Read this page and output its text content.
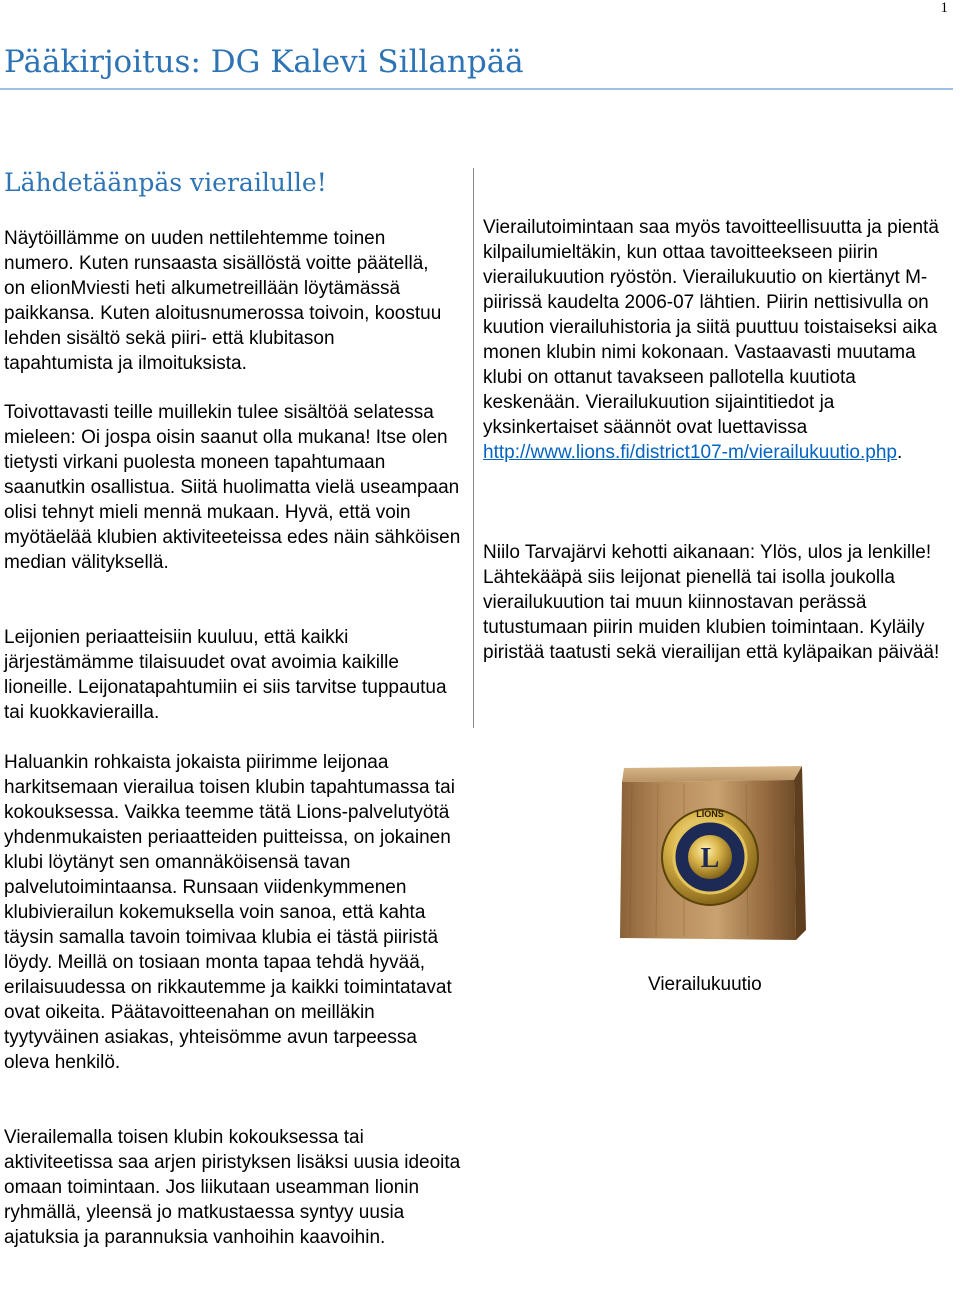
1
Pääkirjoitus: DG Kalevi Sillanpää
Lähdetäänpäs vierailulle!

Näytöillämme on uuden nettilehtemme toinen numero. Kuten runsaasta sisällöstä voitte päätellä, on elionMviesti heti alkumetreillään löytämässä paikkansa. Kuten aloitusnumerossa toivoin, koostuu lehden sisältö sekä piiri- että klubitason tapahtumista ja ilmoituksista.

Toivottavasti teille muillekin tulee sisältöä selatessa mieleen: Oi jospa oisin saanut olla mukana! Itse olen tietysti virkani puolesta moneen tapahtumaan saanutkin osallistua. Siitä huolimatta vielä useampaan olisi tehnyt mieli mennä mukaan. Hyvä, että voin myötäelää klubien aktiviteeteissa edes näin sähköisen median välityksellä.

Leijonien periaatteisiin kuuluu, että kaikki järjestämämme tilaisuudet ovat avoimia kaikille lioneille. Leijonatapahtumiin ei siis tarvitse tuppautua tai kuokkavierailla.

Haluankin rohkaista jokaista piirimme leijonaa harkitsemaan vierailua toisen klubin tapahtumassa tai kokouksessa. Vaikka teemme tätä Lions-palvelutyötä yhdenmukaisten periaatteiden puitteissa, on jokainen klubi löytänyt sen omannäköisensä tavan palvelutoimintaansa. Runsaan viidenkymmenen klubivierailun kokemuksella voin sanoa, että kahta täysin samalla tavoin toimivaa klubia ei tästä piiristä löydy. Meillä on tosiaan monta tapaa tehdä hyvää, erilaisuudessa on rikkautemme ja kaikki toimintatavat ovat oikeita. Päätavoitteenahan on meilläkin tyytyväinen asiakas, yhteisömme avun tarpeessa oleva henkilö.

Vierailemalla toisen klubin kokouksessa tai aktiviteetissa saa arjen piristyksen lisäksi uusia ideoita omaan toimintaan. Jos liikutaan useamman lionin ryhmällä, yleensä jo matkustaessa syntyy uusia ajatuksia ja parannuksia vanhoihin kaavoihin.

Vierailutoimintaan saa myös tavoitteellisuutta ja pientä kilpailumieltäkin, kun ottaa tavoitteekseen piirin vierailukuution ryöstön. Vierailukuutio on kiertänyt M-piirissä kaudelta 2006-07 lähtien. Piirin nettisivulla on kuution vierailuhistoria ja siitä puuttuu toistaiseksi aika monen klubin nimi kokonaan. Vastaavasti muutama klubi on ottanut tavakseen pallotella kuutiota keskenään. Vierailukuution sijaintitiedot ja yksinkertaiset säännöt ovat luettavissa http://www.lions.fi/district107-m/vierailukuutio.php.

Niilo Tarvajärvi kehotti aikanaan: Ylös, ulos ja lenkille! Lähtekääpä siis leijonat pienellä tai isolla joukolla vierailukuution tai muun kiinnostavan perässä tutustumaan piirin muiden klubien toimintaan. Kyläily piristää taatusti sekä vierailijan että kyläpaikan päivää!

LIONS
L

Vierailukuutio
